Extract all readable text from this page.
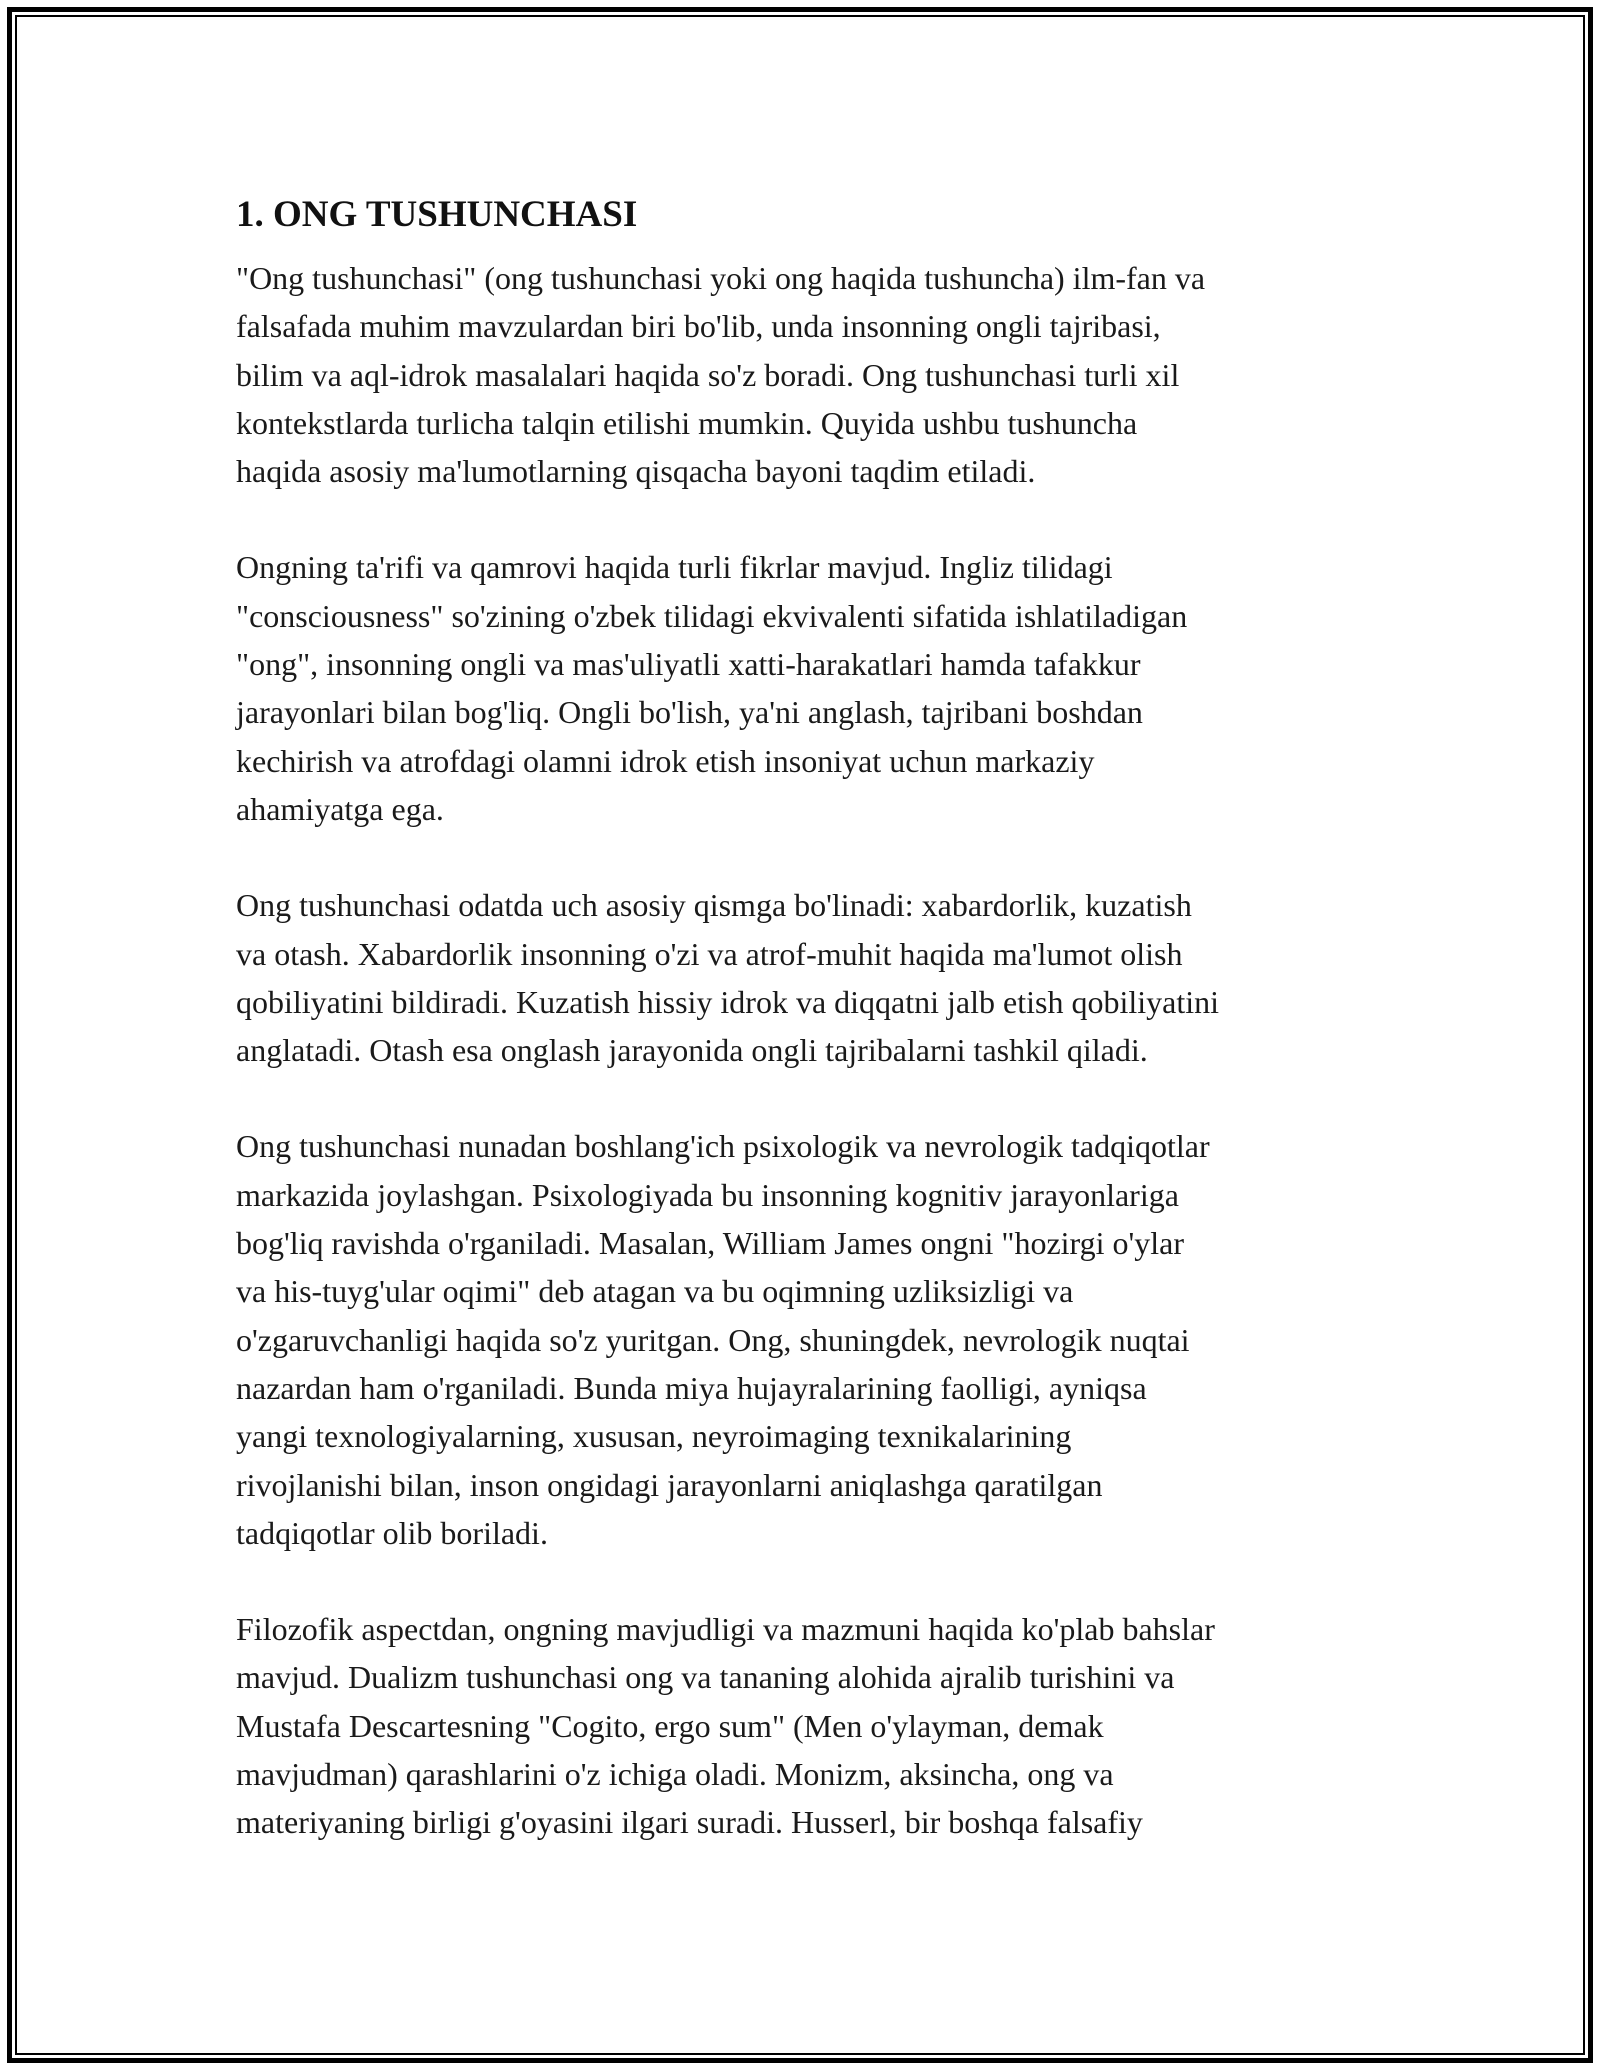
1. ONG TUSHUNCHASI

"Ong tushunchasi" (ong tushunchasi yoki ong haqida tushuncha) ilm-fan va
falsafada muhim mavzulardan biri bo'lib, unda insonning ongli tajribasi,
bilim va aql-idrok masalalari haqida so'z boradi. Ong tushunchasi turli xil
kontekstlarda turlicha talqin etilishi mumkin. Quyida ushbu tushuncha
haqida asosiy ma'lumotlarning qisqacha bayoni taqdim etiladi.

Ongning ta'rifi va qamrovi haqida turli fikrlar mavjud. Ingliz tilidagi
"consciousness" so'zining o'zbek tilidagi ekvivalenti sifatida ishlatiladigan
"ong", insonning ongli va mas'uliyatli xatti-harakatlari hamda tafakkur
jarayonlari bilan bog'liq. Ongli bo'lish, ya'ni anglash, tajribani boshdan
kechirish va atrofdagi olamni idrok etish insoniyat uchun markaziy
ahamiyatga ega.

Ong tushunchasi odatda uch asosiy qismga bo'linadi: xabardorlik, kuzatish
va otash. Xabardorlik insonning o'zi va atrof-muhit haqida ma'lumot olish
qobiliyatini bildiradi. Kuzatish hissiy idrok va diqqatni jalb etish qobiliyatini
anglatadi. Otash esa onglash jarayonida ongli tajribalarni tashkil qiladi.

Ong tushunchasi nunadan boshlang'ich psixologik va nevrologik tadqiqotlar
markazida joylashgan. Psixologiyada bu insonning kognitiv jarayonlariga
bog'liq ravishda o'rganiladi. Masalan, William James ongni "hozirgi o'ylar
va his-tuyg'ular oqimi" deb atagan va bu oqimning uzliksizligi va
o'zgaruvchanligi haqida so'z yuritgan. Ong, shuningdek, nevrologik nuqtai
nazardan ham o'rganiladi. Bunda miya hujayralarining faolligi, ayniqsa
yangi texnologiyalarning, xususan, neyroimaging texnikalarining
rivojlanishi bilan, inson ongidagi jarayonlarni aniqlashga qaratilgan
tadqiqotlar olib boriladi.

Filozofik aspectdan, ongning mavjudligi va mazmuni haqida ko'plab bahslar
mavjud. Dualizm tushunchasi ong va tananing alohida ajralib turishini va
Mustafa Descartesning "Cogito, ergo sum" (Men o'ylayman, demak
mavjudman) qarashlarini o'z ichiga oladi. Monizm, aksincha, ong va
materiyaning birligi g'oyasini ilgari suradi. Husserl, bir boshqa falsafiy
